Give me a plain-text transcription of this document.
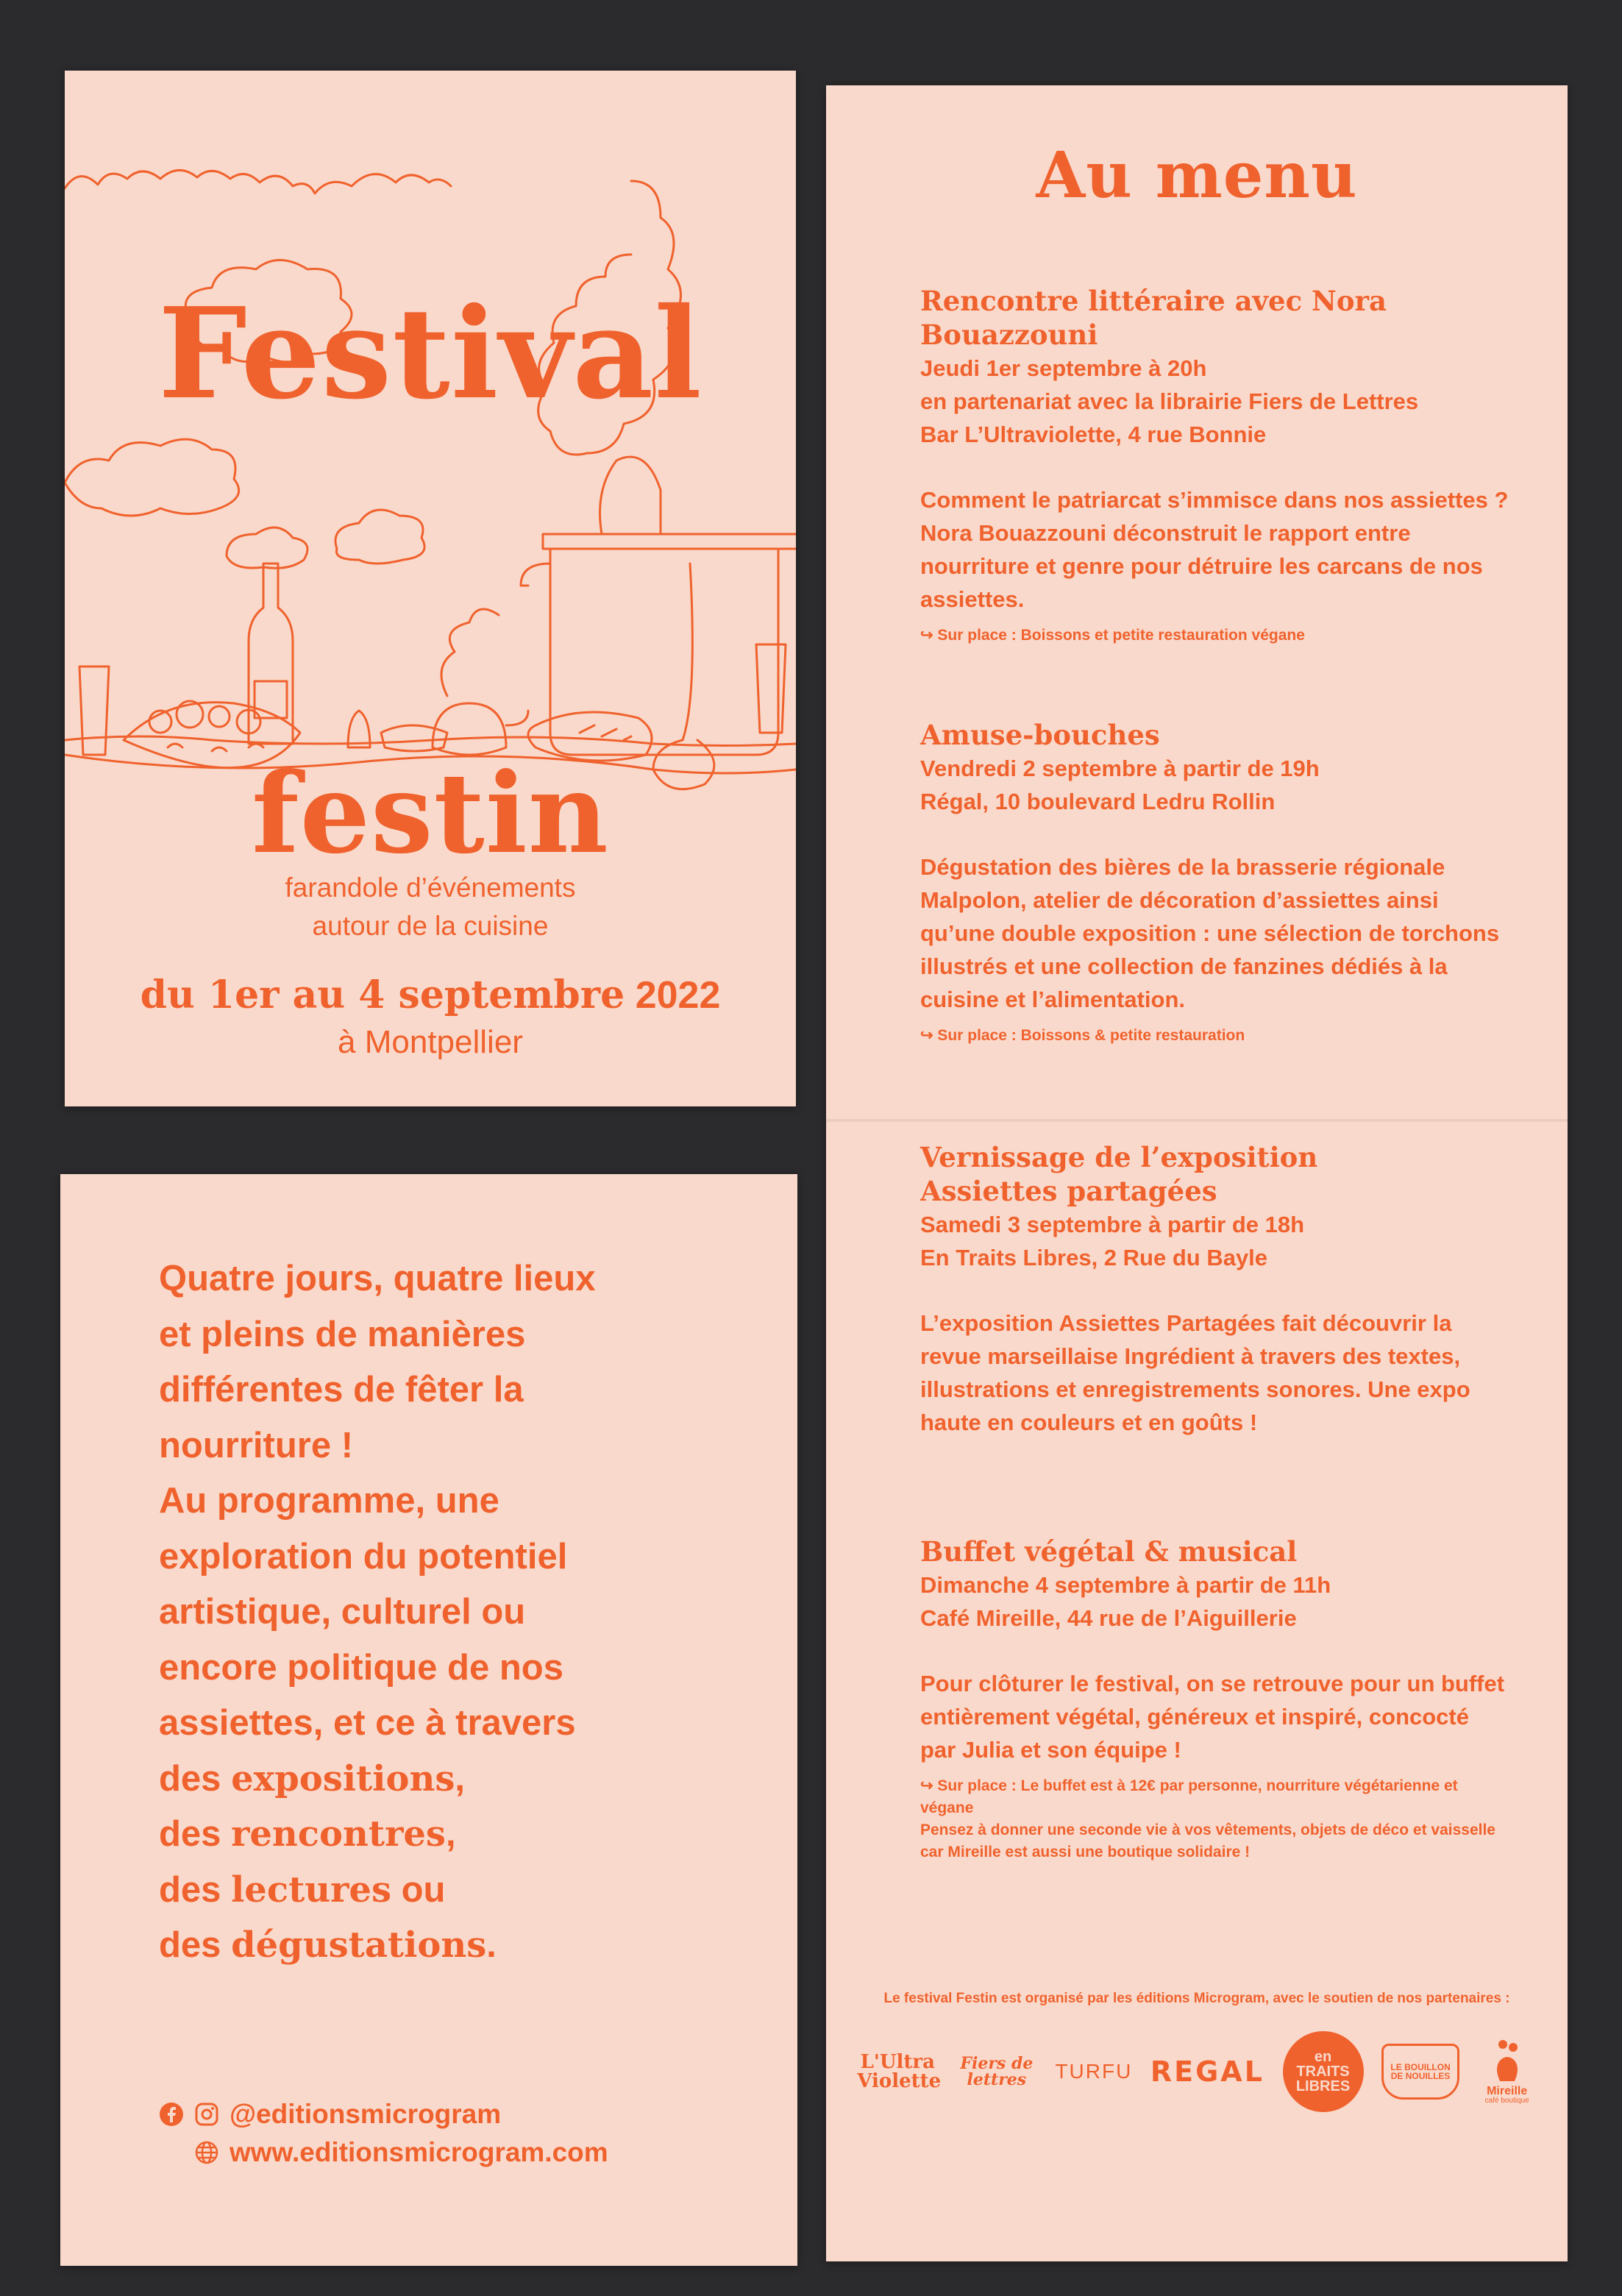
Festival
festin
farandole d’événements
autour de la cuisine
du 1er au 4 septembre 2022
à Montpellier
Quatre jours, quatre lieux
et pleins de manières
différentes de fêter la
nourriture !
Au programme, une
exploration du potentiel
artistique, culturel ou
encore politique de nos
assiettes, et ce à travers
des expositions,
des rencontres,
des lectures ou
des dégustations.
@editionsmicrogram
www.editionsmicrogram.com
Au menu
Rencontre littéraire avec Nora Bouazzouni
Jeudi 1er septembre à 20h
en partenariat avec la librairie Fiers de Lettres
Bar L’Ultraviolette, 4 rue Bonnie
Comment le patriarcat s’immisce dans nos assiettes ? Nora Bouazzouni déconstruit le rapport entre nourriture et genre pour détruire les carcans de nos assiettes.
↪ Sur place : Boissons et petite restauration végane
Amuse-bouches
Vendredi 2 septembre à partir de 19h
Régal, 10 boulevard Ledru Rollin
Dégustation des bières de la brasserie régionale Malpolon, atelier de décoration d’assiettes ainsi qu’une double exposition : une sélection de torchons illustrés et une collection de fanzines dédiés à la cuisine et l’alimentation.
↪ Sur place : Boissons & petite restauration
Vernissage de l’exposition
Assiettes partagées
Samedi 3 septembre à partir de 18h
En Traits Libres, 2 Rue du Bayle
L’exposition Assiettes Partagées fait découvrir la revue marseillaise Ingrédient à travers des textes, illustrations et enregistrements sonores. Une expo haute en couleurs et en goûts !
Buffet végétal & musical
Dimanche 4 septembre à partir de 11h
Café Mireille, 44 rue de l’Aiguillerie
Pour clôturer le festival, on se retrouve pour un buffet entièrement végétal, généreux et inspiré, concocté par Julia et son équipe !
↪ Sur place : Le buffet est à 12€ par personne, nourriture végétarienne et végane
Pensez à donner une seconde vie à vos vêtements, objets de déco et vaisselle car Mireille est aussi une boutique solidaire !
Le festival Festin est organisé par les éditions Microgram, avec le soutien de nos partenaires :
L'Ultra Violette
Fiers de lettres	TURFU REGAL	en
TRAITS
LIBRES
LE BOUILLON DE NOUILLES
Mireille
café boutique
